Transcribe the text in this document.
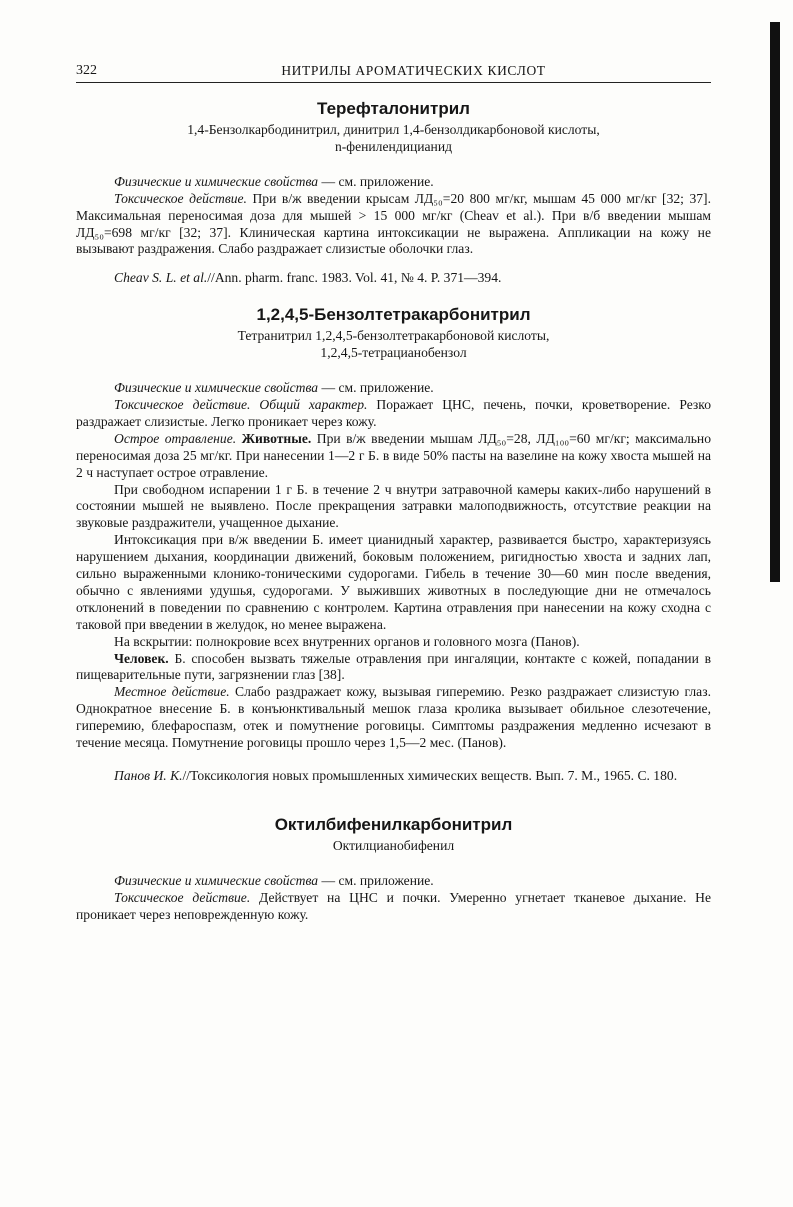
322	НИТРИЛЫ АРОМАТИЧЕСКИХ КИСЛОТ
Терефталонитрил

1,4-Бензолкарбодинитрил, динитрил 1,4-бензолдикарбоновой кислоты,

n-фенилендицианид

Физические и химические свойства — см. приложение.

Токсическое действие. При в/ж введении крысам ЛД₅₀=20 800 мг/кг, мышам 45 000 мг/кг [32; 37]. Максимальная переносимая доза для мышей > 15 000 мг/кг (Cheav et al.). При в/б введении мышам ЛД₅₀=698 мг/кг [32; 37]. Клиническая картина интоксикации не выражена. Аппликации на кожу не вызывают раздражения. Слабо раздражает слизистые оболочки глаз.

Cheav S. L. et al.//Ann. pharm. franc. 1983. Vol. 41, № 4. P. 371—394.

1,2,4,5-Бензолтетракарбонитрил

Тетранитрил 1,2,4,5-бензолтетракарбоновой кислоты,

1,2,4,5-тетрацианобензол

Физические и химические свойства — см. приложение.

Токсическое действие. Общий характер. Поражает ЦНС, печень, почки, кроветворение. Резко раздражает слизистые. Легко проникает через кожу.

Острое отравление. Животные. При в/ж введении мышам ЛД₅₀=28, ЛД₁₀₀=60 мг/кг; максимально переносимая доза 25 мг/кг. При нанесении 1—2 г Б. в виде 50% пасты на вазелине на кожу хвоста мышей на 2 ч наступает острое отравление.

При свободном испарении 1 г Б. в течение 2 ч внутри затравочной камеры каких-либо нарушений в состоянии мышей не выявлено. После прекращения затравки малоподвижность, отсутствие реакции на звуковые раздражители, учащенное дыхание.

Интоксикация при в/ж введении Б. имеет цианидный характер, развивается быстро, характеризуясь нарушением дыхания, координации движений, боковым положением, ригидностью хвоста и задних лап, сильно выраженными клонико-тоническими судорогами. Гибель в течение 30—60 мин после введения, обычно с явлениями удушья, судорогами. У выживших животных в последующие дни не отмечалось отклонений в поведении по сравнению с контролем. Картина отравления при нанесении на кожу сходна с таковой при введении в желудок, но менее выражена.

На вскрытии: полнокровие всех внутренних органов и головного мозга (Панов).

Человек. Б. способен вызвать тяжелые отравления при ингаляции, контакте с кожей, попадании в пищеварительные пути, загрязнении глаз [38].

Местное действие. Слабо раздражает кожу, вызывая гиперемию. Резко раздражает слизистую глаз. Однократное внесение Б. в конъюнктивальный мешок глаза кролика вызывает обильное слезотечение, гиперемию, блефароспазм, отек и помутнение роговицы. Симптомы раздражения медленно исчезают в течение месяца. Помутнение роговицы прошло через 1,5—2 мес. (Панов).

Панов И. К.//Токсикология новых промышленных химических веществ. Вып. 7. М., 1965. С. 180.

Октилбифенилкарбонитрил

Октилцианобифенил

Физические и химические свойства — см. приложение.

Токсическое действие. Действует на ЦНС и почки. Умеренно угнетает тканевое дыхание. Не проникает через неповрежденную кожу.
